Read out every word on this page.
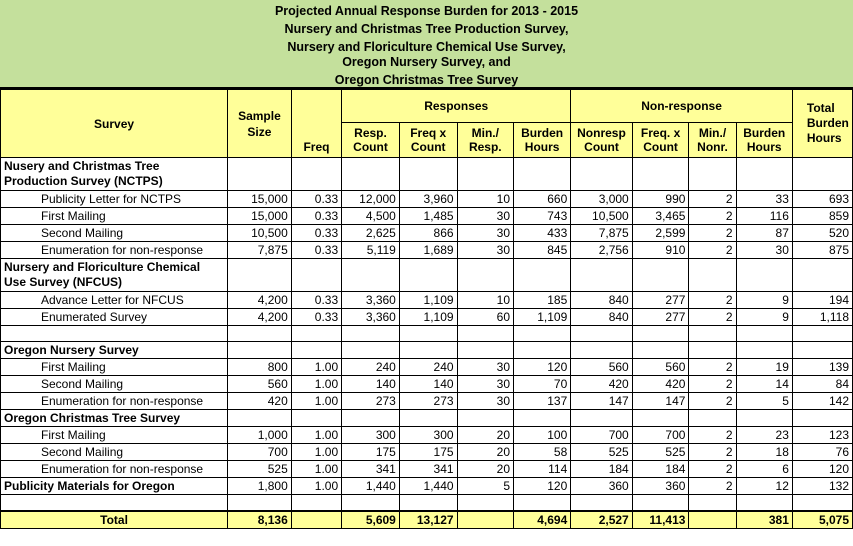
Projected Annual Response Burden for 2013 - 2015
Nursery and Christmas Tree Production Survey,
Nursery and Floriculture Chemical Use Survey,
Oregon Nursery Survey, and
Oregon Christmas Tree Survey
Survey	Sample Size	Freq	Responses				Non-response				Total Burden Hours
			Resp. Count	Freq x Count	Min./ Resp.	Burden Hours	Nonresp Count	Freq. x Count	Min./ Nonr.	Burden Hours	
Nusery and Christmas Tree Production Survey (NCTPS)											
Publicity Letter for NCTPS	15,000	0.33	12,000	3,960	10	660	3,000	990	2	33	693
First Mailing	15,000	0.33	4,500	1,485	30	743	10,500	3,465	2	116	859
Second Mailing	10,500	0.33	2,625	866	30	433	7,875	2,599	2	87	520
Enumeration for non-response	7,875	0.33	5,119	1,689	30	845	2,756	910	2	30	875
Nursery and Floriculture Chemical Use Survey (NFCUS)											
Advance Letter for NFCUS	4,200	0.33	3,360	1,109	10	185	840	277	2	9	194
Enumerated Survey	4,200	0.33	3,360	1,109	60	1,109	840	277	2	9	1,118

Oregon Nursery Survey											
First Mailing	800	1.00	240	240	30	120	560	560	2	19	139
Second Mailing	560	1.00	140	140	30	70	420	420	2	14	84
Enumeration for non-response	420	1.00	273	273	30	137	147	147	2	5	142
Oregon Christmas Tree Survey											
First Mailing	1,000	1.00	300	300	20	100	700	700	2	23	123
Second Mailing	700	1.00	175	175	20	58	525	525	2	18	76
Enumeration for non-response	525	1.00	341	341	20	114	184	184	2	6	120
Publicity Materials for Oregon	1,800	1.00	1,440	1,440	5	120	360	360	2	12	132

Total	8,136		5,609	13,127		4,694	2,527	11,413		381	5,075
